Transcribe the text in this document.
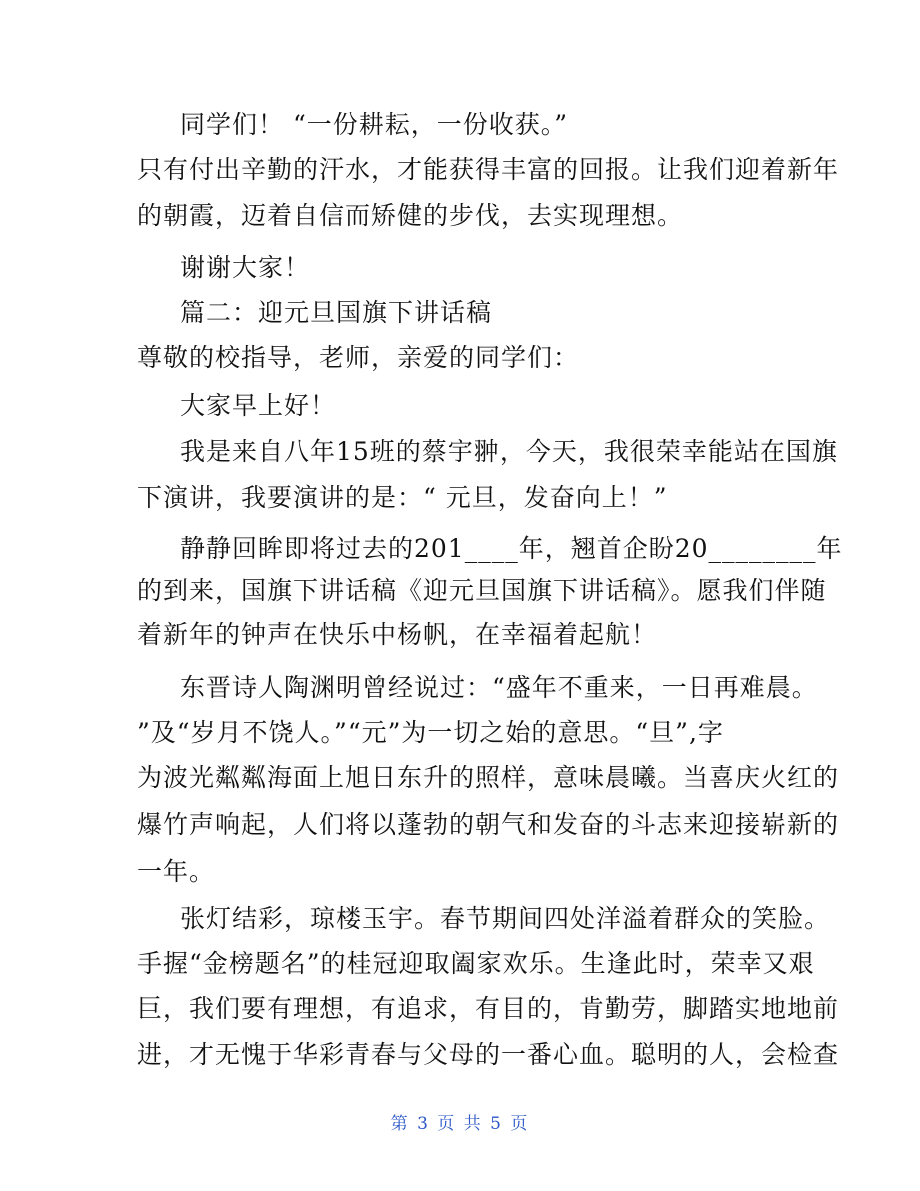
同学们！ “一份耕耘，一份收获。”
只有付出辛勤的汗水，才能获得丰富的回报。让我们迎着新年
的朝霞，迈着自信而矫健的步伐，去实现理想。
谢谢大家！
篇二：迎元旦国旗下讲话稿
尊敬的校指导，老师，亲爱的同学们：
大家早上好！
我是来自八年15班的蔡宇翀，今天，我很荣幸能站在国旗
下演讲，我要演讲的是：“ 元旦，发奋向上！”
静静回眸即将过去的201____年，翘首企盼20________年
的到来，国旗下讲话稿《迎元旦国旗下讲话稿》。愿我们伴随
着新年的钟声在快乐中杨帆，在幸福着起航！
东晋诗人陶渊明曾经说过：“盛年不重来，一日再难晨。
”及“岁月不饶人。”“元”为一切之始的意思。“旦”,字
为波光粼粼海面上旭日东升的照样，意味晨曦。当喜庆火红的
爆竹声响起，人们将以蓬勃的朝气和发奋的斗志来迎接崭新的
一年。
张灯结彩，琼楼玉宇。春节期间四处洋溢着群众的笑脸。
手握“金榜题名”的桂冠迎取阖家欢乐。生逢此时，荣幸又艰
巨，我们要有理想，有追求，有目的，肯勤劳，脚踏实地地前
进，才无愧于华彩青春与父母的一番心血。聪明的人，会检查
第 3 页 共 5 页
